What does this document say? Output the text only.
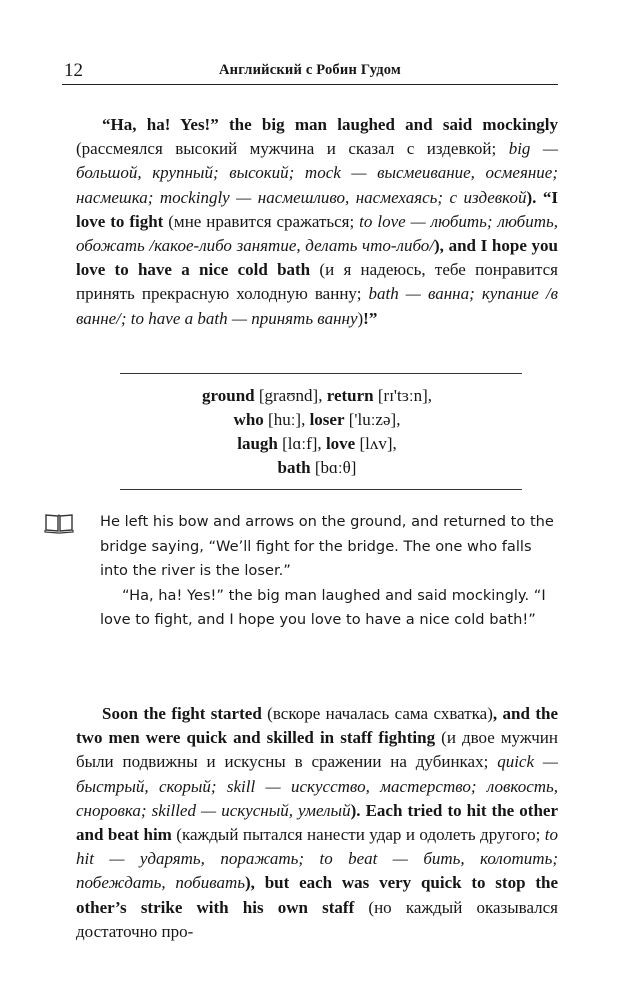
12	Английский с Робин Гудом

“Ha, ha! Yes!” the big man laughed and said mockingly (рассмеялся высокий мужчина и сказал с издевкой; big — большой, крупный; высокий; mock — высмеивание, осмеяние; насмешка; mockingly — насмешливо, насмехаясь; с издевкой). “I love to fight (мне нравится сражаться; to love — любить; любить, обожать /какое-либо занятие, делать что-либо/), and I hope you love to have a nice cold bath (и я надеюсь, тебе понравится принять прекрасную холодную ванну; bath — ванна; купание /в ванне/; to have a bath — принять ванну)!”

ground [graʊnd], return [rɪ'tɜːn],
who [huː], loser ['luːzə],
laugh [lɑːf], love [lʌv],
bath [bɑːθ]

He left his bow and arrows on the ground, and returned to the bridge saying, “We’ll fight for the bridge. The one who falls into the river is the loser.”

“Ha, ha! Yes!” the big man laughed and said mockingly. “I love to fight, and I hope you love to have a nice cold bath!”

Soon the fight started (вскоре началась сама схватка), and the two men were quick and skilled in staff fighting (и двое мужчин были подвижны и искусны в сражении на дубинках; quick — быстрый, скорый; skill — искусство, мастерство; ловкость, сноровка; skilled — искусный, умелый). Each tried to hit the other and beat him (каждый пытался нанести удар и одолеть другого; to hit — ударять, поражать; to beat — бить, колотить; побеждать, побивать), but each was very quick to stop the other’s strike with his own staff (но каждый оказывался достаточно про-
